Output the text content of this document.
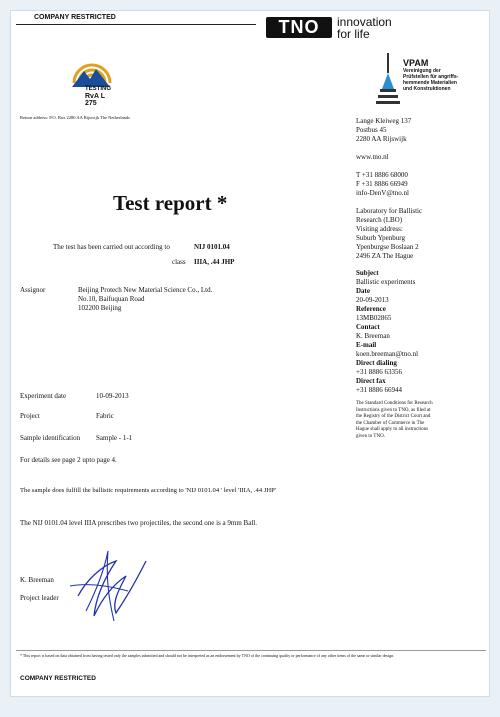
COMPANY RESTRICTED	TNO	innovation
for life
TESTING
RvA L 275
VPAM
Vereinigung der
Prüfstellen für angriffs-
hemmende Materialien
und Konstruktionen
Return address: P.O. Box 2280 AA Rijswijk The Netherlands	Lange Kleiweg 137
Postbus 45
2280 AA Rijswijk
www.tno.nl
T +31 8886 68000
F +31 8886 66949
info-DenV@tno.nl
Laboratory for Ballistic
Research (LBO)
Visiting address:
Suburb Ypenburg
Ypenburgse Boslaan 2
2496 ZA The Hague
Subject
Ballistic experiments
Date
20-09-2013
Reference
13MB02865
Contact
K. Breeman
E-mail
koen.breeman@tno.nl
Direct dialing
+31 8886 63356
Direct fax
+31 8886 66944
The Standard Conditions for Research
Instructions given to TNO, as filed at
the Registry of the District Court and
the Chamber of Commerce in The
Hague shall apply to all instructions
given to TNO.
Test report *
The test has been carried out according to	NIJ 0101.04
class IIIA, .44 JHP
Assignor	Beijing Protech New Material Science Co., Ltd.
No.10, Baifuquan Road
102200 Beijing
Experiment date	10-09-2013
Project	Fabric
Sample identification Sample - 1-1
For details see page 2 upto page 4.
The sample does fulfill the ballistic requirements according to 'NIJ 0101.04 ' level 'IIIA, .44 JHP'
The NIJ 0101.04 level IIIA prescribes two projectiles, the second one is a 9mm Ball.
K. Breeman
Project leader
* This report is based on data obtained from having tested only the samples submitted and should not be interpreted as an endorsement by TNO of the continuing quality or performance of any other items of the same or similar design.
COMPANY RESTRICTED
